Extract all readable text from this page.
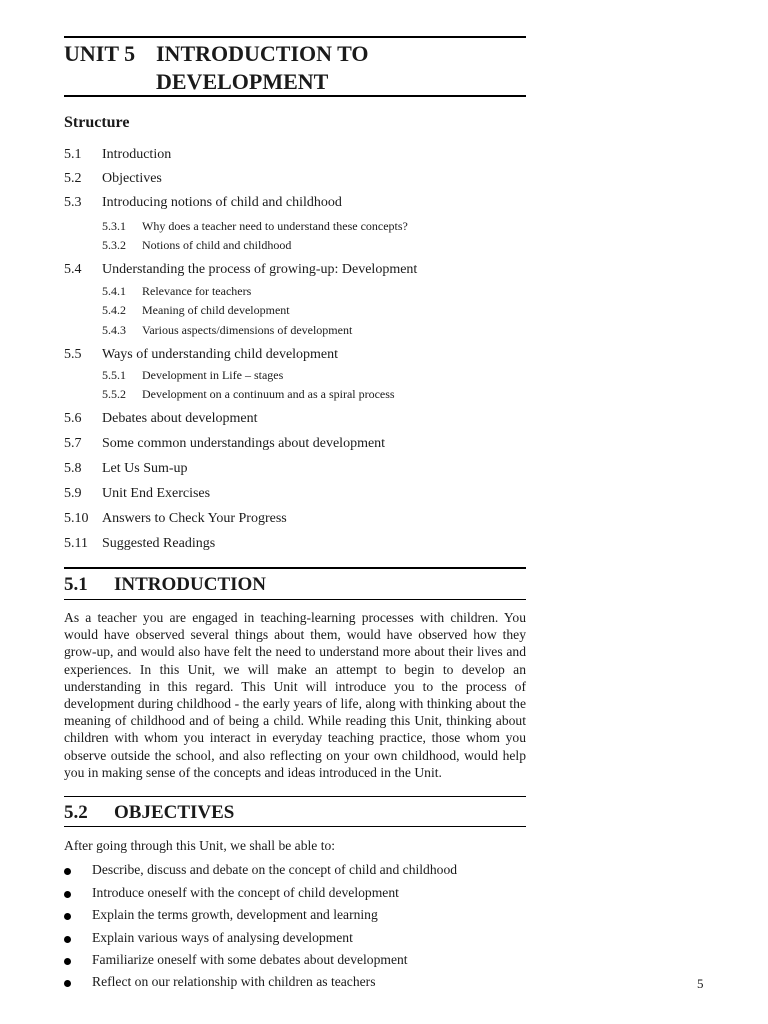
UNIT 5 INTRODUCTION TO
DEVELOPMENT
Structure
5.1 Introduction
5.2 Objectives
5.3 Introducing notions of child and childhood
5.3.1 Why does a teacher need to understand these concepts?
5.3.2 Notions of child and childhood
5.4 Understanding the process of growing-up: Development
5.4.1 Relevance for teachers
5.4.2 Meaning of child development
5.4.3 Various aspects/dimensions of development
5.5 Ways of understanding child development
5.5.1 Development in Life – stages
5.5.2 Development on a continuum and as a spiral process
5.6 Debates about development
5.7 Some common understandings about development
5.8 Let Us Sum-up
5.9 Unit End Exercises
5.10 Answers to Check Your Progress
5.11 Suggested Readings
5.1 INTRODUCTION
As a teacher you are engaged in teaching-learning processes with children. You would have observed several things about them, would have observed how they grow-up, and would also have felt the need to understand more about their lives and experiences. In this Unit, we will make an attempt to begin to develop an understanding in this regard. This Unit will introduce you to the process of development during childhood - the early years of life, along with thinking about the meaning of childhood and of being a child. While reading this Unit, thinking about children with whom you interact in everyday teaching practice, those whom you observe outside the school, and also reflecting on your own childhood, would help you in making sense of the concepts and ideas introduced in the Unit.
5.2 OBJECTIVES
After going through this Unit, we shall be able to:
Describe, discuss and debate on the concept of child and childhood
Introduce oneself with the concept of child development
Explain the terms growth, development and learning
Explain various ways of analysing development
Familiarize oneself with some debates about development
Reflect on our relationship with children as teachers	5
